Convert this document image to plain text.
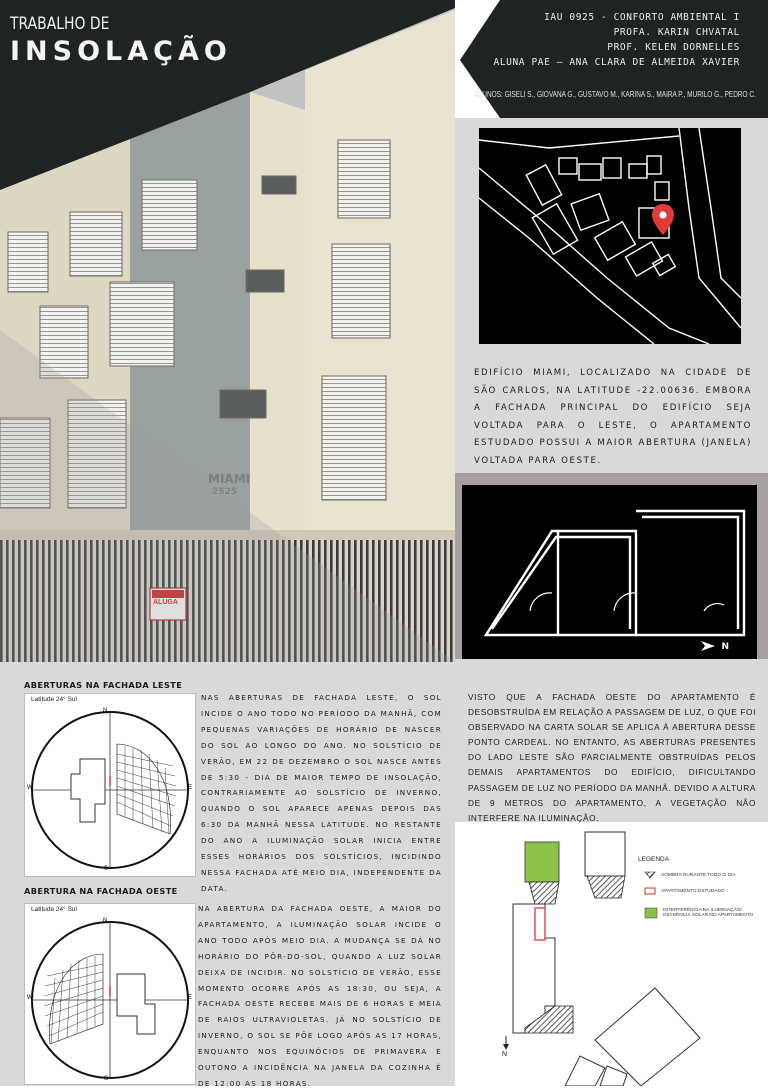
MIAMI
2525
ALUGA
TRABALHO DE
INSOLAÇÃO
IAU 0925 - CONFORTO AMBIENTAL I
PROFA. KARIN CHVATAL
PROF. KELEN DORNELLES
ALUNA PAE – ANA CLARA DE ALMEIDA XAVIER
ALUNOS: GISELI S., GIOVANA G., GUSTAVO M., KARINA S., MAIRA P., MURILO G., PEDRO C.
EDIFÍCIO MIAMI, LOCALIZADO NA CIDADE DE SÃO CARLOS, NA LATITUDE -22.00636. EMBORA A FACHADA PRINCIPAL DO EDIFÍCIO SEJA VOLTADA PARA O LESTE, O APARTAMENTO ESTUDADO POSSUI A MAIOR ABERTURA (JANELA) VOLTADA PARA OESTE.
N
ABERTURAS NA FACHADA LESTE
Latitude 24° Sul
N
S
W	E
NAS ABERTURAS DE FACHADA LESTE, O SOL INCIDE O ANO TODO NO PERÍODO DA MANHÃ, COM PEQUENAS VARIAÇÕES DE HORÁRIO DE NASCER DO SOL AO LONGO DO ANO. NO SOLSTÍCIO DE VERÃO, EM 22 DE DEZEMBRO O SOL NASCE ANTES DE 5:30 - DIA DE MAIOR TEMPO DE INSOLAÇÃO, CONTRARIAMENTE AO SOLSTÍCIO DE INVERNO, QUANDO O SOL APARECE APENAS DEPOIS DAS 6:30 DA MANHÃ NESSA LATITUDE. NO RESTANTE DO ANO A ILUMINAÇÃO SOLAR INICIA ENTRE ESSES HORÁRIOS DOS SOLSTÍCIOS, INCIDINDO NESSA FACHADA ATÉ MEIO DIA, INDEPENDENTE DA DATA.
ABERTURA NA FACHADA OESTE
Latitude 24° Sul
N
S
W	E
NA ABERTURA DA FACHADA OESTE, A MAIOR DO APARTAMENTO, A ILUMINAÇÃO SOLAR INCIDE O ANO TODO APÓS MEIO DIA. A MUDANÇA SE DÁ NO HORÁRIO DO PÔR-DO-SOL, QUANDO A LUZ SOLAR DEIXA DE INCIDIR. NO SOLSTÍCIO DE VERÃO, ESSE MOMENTO OCORRE APÓS AS 18:30, OU SEJA, A FACHADA OESTE RECEBE MAIS DE 6 HORAS E MEIA DE RAIOS ULTRAVIOLETAS. JÁ NO SOLSTÍCIO DE INVERNO, O SOL SE PÕE LOGO APÓS AS 17 HORAS, ENQUANTO NOS EQUINÓCIOS DE PRIMAVERA E OUTONO A INCIDÊNCIA NA JANELA DA COZINHA É DE 12:00 AS 18 HORAS.
VISTO QUE A FACHADA OESTE DO APARTAMENTO É DESOBSTRUÍDA EM RELAÇÃO A PASSAGEM DE LUZ, O QUE FOI OBSERVADO NA CARTA SOLAR SE APLICA À ABERTURA DESSE PONTO CARDEAL. NO ENTANTO, AS ABERTURAS PRESENTES DO LADO LESTE SÃO PARCIALMENTE OBSTRUÍDAS PELOS DEMAIS APARTAMENTOS DO EDIFÍCIO, DIFICULTANDO PASSAGEM DE LUZ NO PERÍODO DA MANHÃ. DEVIDO A ALTURA DE 9 METROS DO APARTAMENTO, A VEGETAÇÃO NÃO INTERFERE NA ILUMINAÇÃO.
LEGENDA
SOMBRA DURANTE TODO O DIA
APARTAMENTO ESTUDADO
INTERFERÊNCIA NA ILUMINAÇÃO/ INCIDÊNCIA SOLAR NO APARTAMENTO
N
